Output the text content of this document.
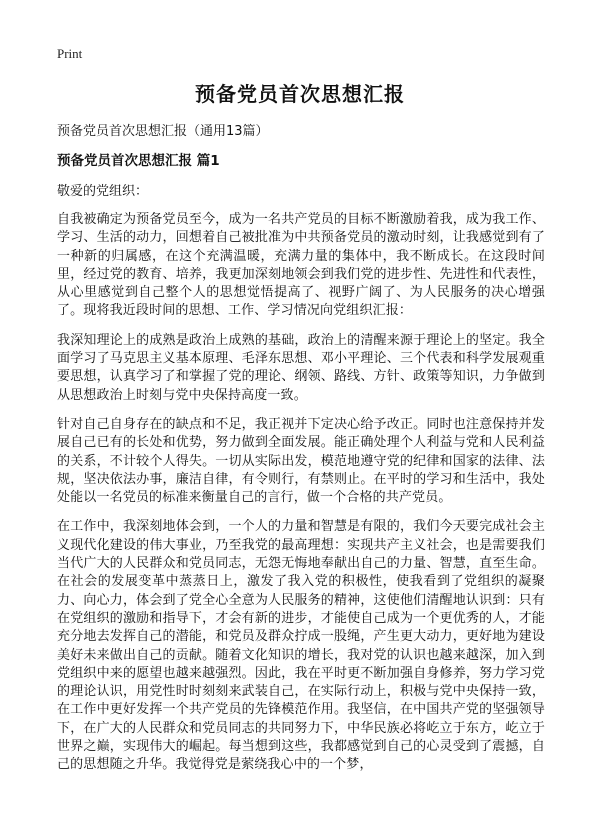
Print
预备党员首次思想汇报

预备党员首次思想汇报（通用13篇）

预备党员首次思想汇报 篇1

敬爱的党组织：

自我被确定为预备党员至今，成为一名共产党员的目标不断激励着我，成为我工作、学习、生活的动力，回想着自己被批准为中共预备党员的激动时刻，让我感觉到有了一种新的归属感，在这个充满温暖，充满力量的集体中，我不断成长。在这段时间里，经过党的教育、培养，我更加深刻地领会到我们党的进步性、先进性和代表性，从心里感觉到自己整个人的思想觉悟提高了、视野广阔了、为人民服务的决心增强了。现将我近段时间的思想、工作、学习情况向党组织汇报：

我深知理论上的成熟是政治上成熟的基础，政治上的清醒来源于理论上的坚定。我全面学习了马克思主义基本原理、毛泽东思想、邓小平理论、三个代表和科学发展观重要思想，认真学习了和掌握了党的理论、纲领、路线、方针、政策等知识，力争做到从思想政治上时刻与党中央保持高度一致。

针对自己自身存在的缺点和不足，我正视并下定决心给予改正。同时也注意保持并发展自己已有的长处和优势，努力做到全面发展。能正确处理个人利益与党和人民利益的关系，不计较个人得失。一切从实际出发，模范地遵守党的纪律和国家的法律、法规，坚决依法办事，廉洁自律，有令则行，有禁则止。在平时的学习和生活中，我处处能以一名党员的标准来衡量自己的言行，做一个合格的共产党员。

在工作中，我深刻地体会到，一个人的力量和智慧是有限的，我们今天要完成社会主义现代化建设的伟大事业，乃至我党的最高理想：实现共产主义社会，也是需要我们当代广大的人民群众和党员同志，无怨无悔地奉献出自己的力量、智慧，直至生命。在社会的发展变革中蒸蒸日上，激发了我入党的积极性，使我看到了党组织的凝聚力、向心力，体会到了党全心全意为人民服务的精神，这使他们清醒地认识到：只有在党组织的激励和指导下，才会有新的进步，才能使自己成为一个更优秀的人，才能充分地去发挥自己的潜能，和党员及群众拧成一股绳，产生更大动力，更好地为建设美好未来做出自己的贡献。随着文化知识的增长，我对党的认识也越来越深，加入到党组织中来的愿望也越来越强烈。因此，我在平时更不断加强自身修养，努力学习党的理论认识，用党性时时刻刻来武装自己，在实际行动上，积极与党中央保持一致，在工作中更好发挥一个共产党员的先锋模范作用。我坚信，在中国共产党的坚强领导下，在广大的人民群众和党员同志的共同努力下，中华民族必将屹立于东方，屹立于世界之巅，实现伟大的崛起。每当想到这些，我都感觉到自己的心灵受到了震撼，自己的思想随之升华。我觉得党是萦绕我心中的一个梦，
